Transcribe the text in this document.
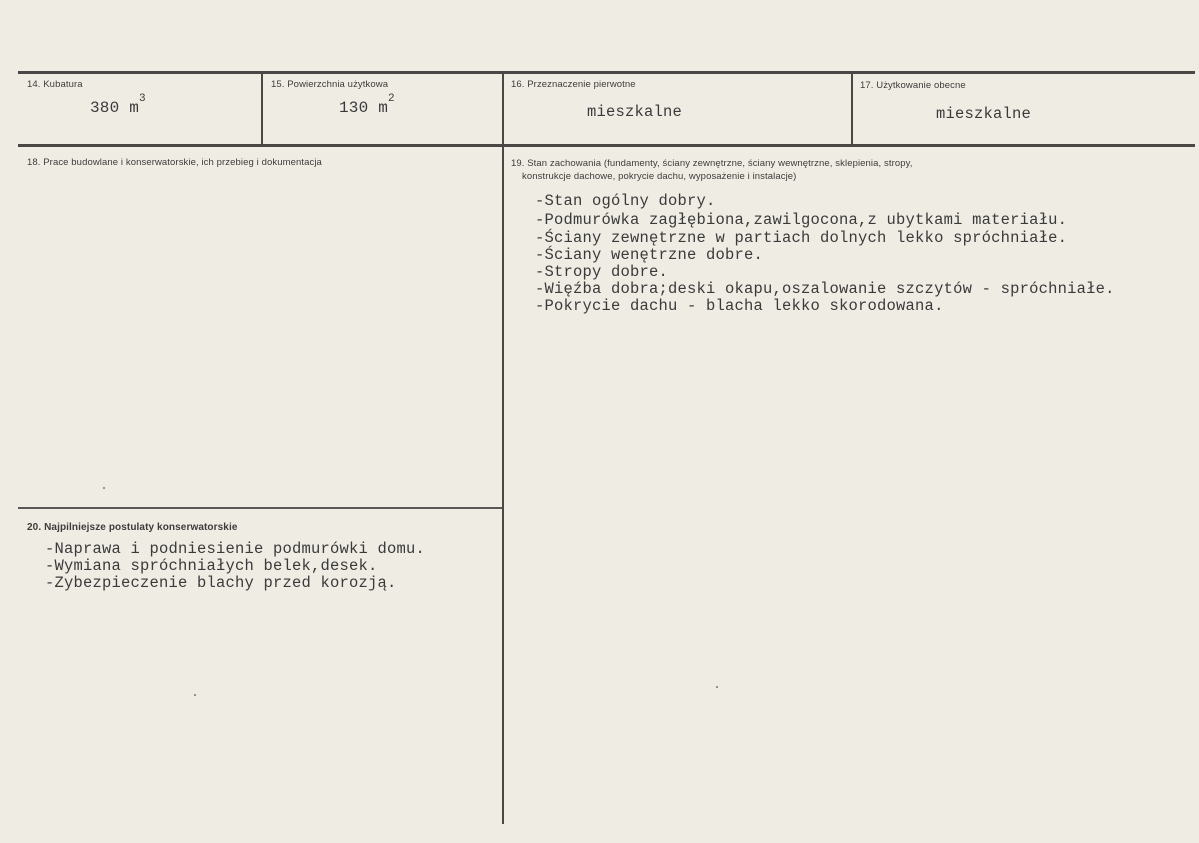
14. Kubatura
380 $m^3$
15. Powierzchnia użytkowa
130 $m^2$
16. Przeznaczenie pierwotne
mieszkalne
17. Użytkowanie obecne
mieszkalne
18. Prace budowlane i konserwatorskie, ich przebieg i dokumentacja	19. Stan zachowania (fundamenty, ściany zewnętrzne, ściany wewnętrzne, sklepienia, stropy,
konstrukcje dachowe, pokrycie dachu, wyposażenie i instalacje)
-Stan ogólny dobry.
-Podmurówka zagłębiona,zawilgocona,z ubytkami materiału.
-Ściany zewnętrzne w partiach dolnych lekko spróchniałe.
-Ściany wenętrzne dobre.
-Stropy dobre.
-Więźba dobra;deski okapu,oszalowanie szczytów - spróchniałe.
-Pokrycie dachu - blacha lekko skorodowana.
20. Najpilniejsze postulaty konserwatorskie
-Naprawa i podniesienie podmurówki domu.
-Wymiana spróchniałych belek,desek.
-Zybezpieczenie blachy przed korozją.
